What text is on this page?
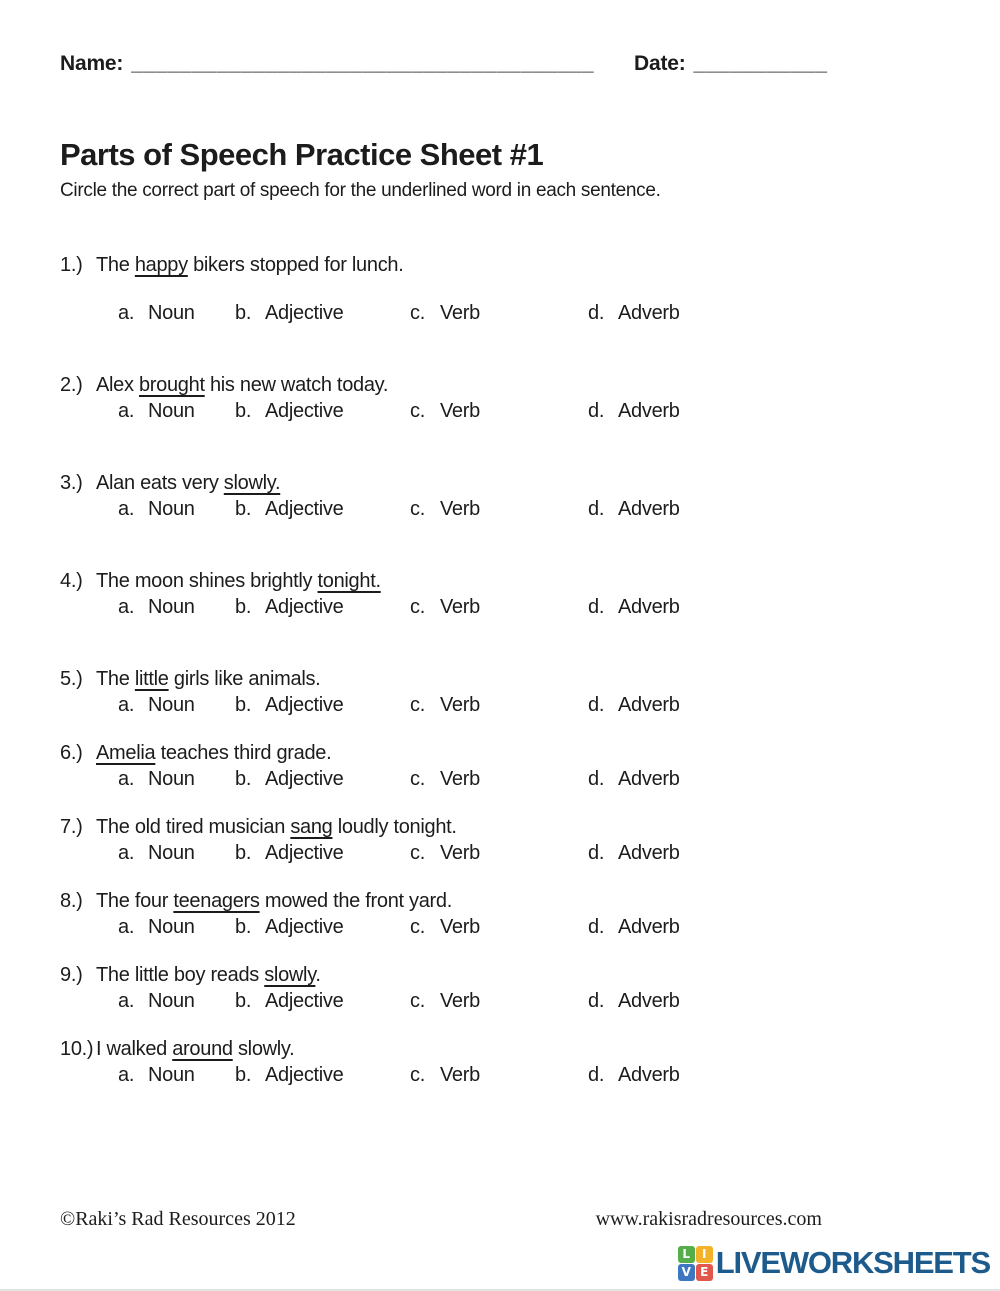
Name: ______________________________________ Date: ___________
Parts of Speech Practice Sheet #1
Circle the correct part of speech for the underlined word in each sentence.
1.) The happy bikers stopped for lunch.
a. Noun	b. Adjective	c. Verb	d. Adverb
2.) Alex brought his new watch today.
a. Noun	b. Adjective	c. Verb	d. Adverb
3.) Alan eats very slowly.
a. Noun	b. Adjective	c. Verb	d. Adverb
4.) The moon shines brightly tonight.
a. Noun	b. Adjective	c. Verb	d. Adverb
5.) The little girls like animals.
a. Noun	b. Adjective	c. Verb	d. Adverb
6.) Amelia teaches third grade.
a. Noun	b. Adjective	c. Verb	d. Adverb
7.) The old tired musician sang loudly tonight.
a. Noun	b. Adjective	c. Verb	d. Adverb
8.) The four teenagers mowed the front yard.
a. Noun	b. Adjective	c. Verb	d. Adverb
9.) The little boy reads slowly.
a. Noun	b. Adjective	c. Verb	d. Adverb
10.) I walked around slowly.
a. Noun	b. Adjective	c. Verb	d. Adverb
©Raki’s Rad Resources 2012	www.rakisradresources.com
L I
V E LIVEWORKSHEETS
